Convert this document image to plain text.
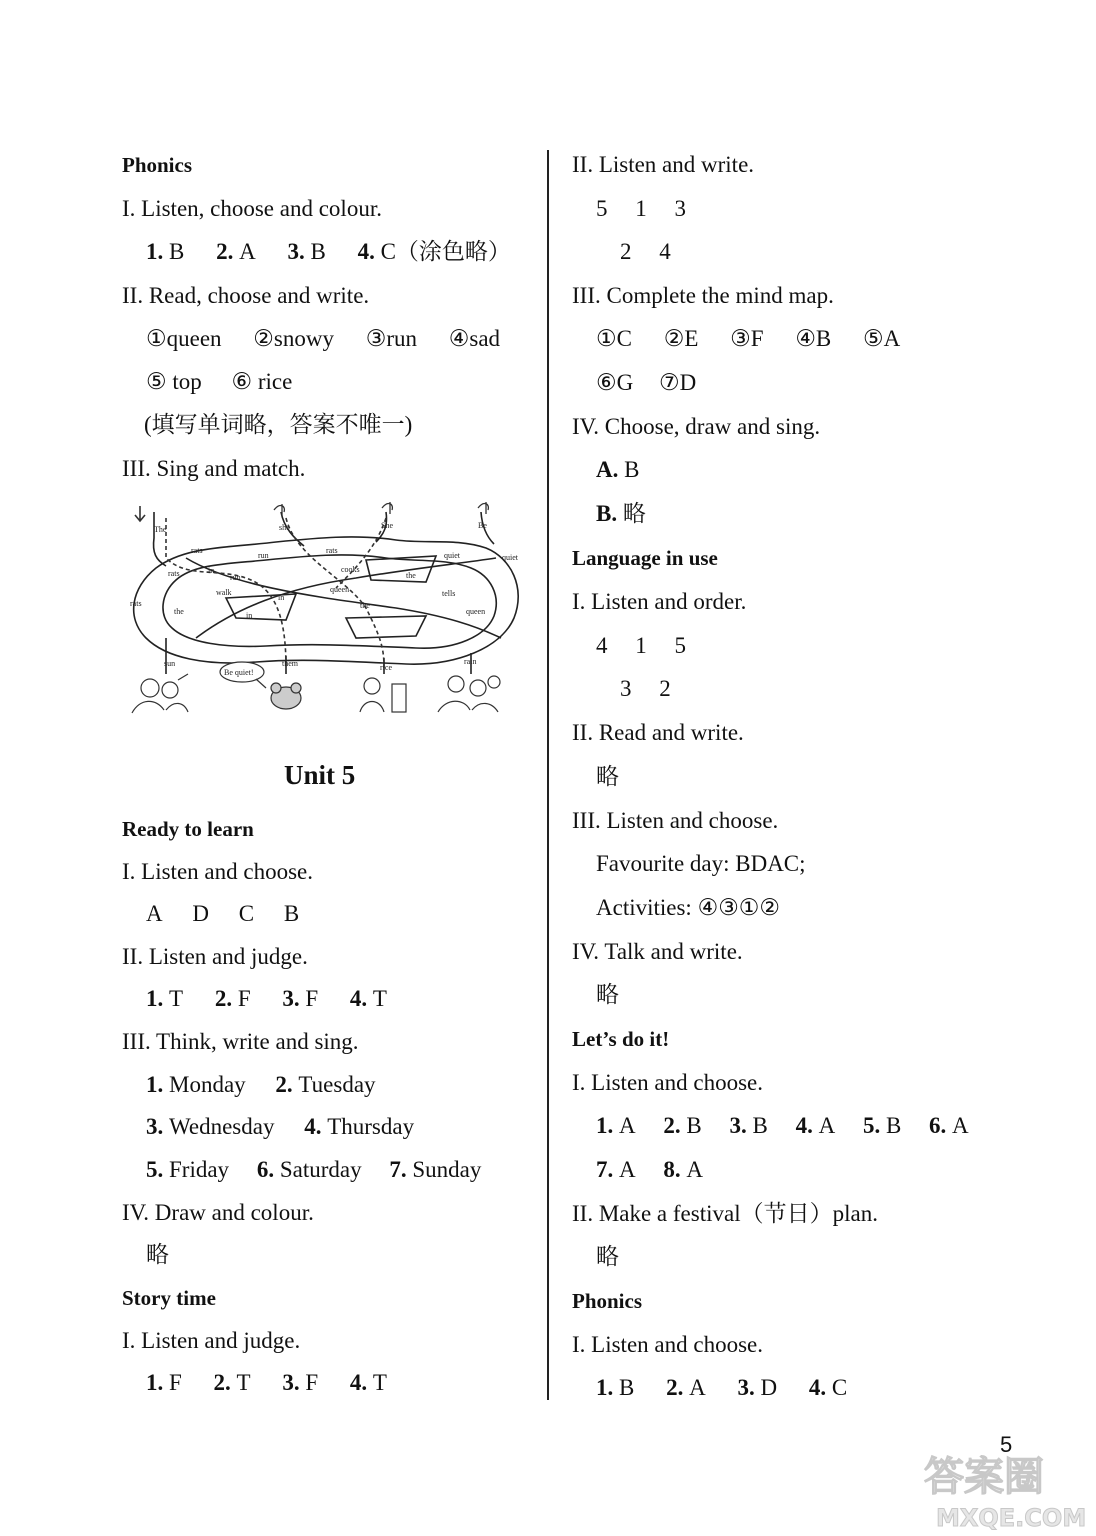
Phonics
I. Listen, choose and colour.
1. B 2. A 3. B 4. C（涂色略）
II. Read, choose and write.
①queen ②snowy ③run ④sad
⑤ top ⑥ rice
(填写单词略，答案不唯一)
III. Sing and match.
Unit 5
Ready to learn
I. Listen and choose.
A D C B
II. Listen and judge.
1. T 2. F 3. F 4. T
III. Think, write and sing.
1. Monday 2. Tuesday
3. Wednesday 4. Thursday
5. Friday 6. Saturday 7. Sunday
IV. Draw and colour.
略
Story time
I. Listen and judge.
1. F 2. T 3. F 4. T
The	she	She	Be
rats
rats
rats
rats
run
run
in
in
in
cooks
quiet	quiet
the
the
the
walk	queen	tells
queen
sun	them	rice
rain
Be quiet!
II. Listen and write.
5 1 3
2 4
III. Complete the mind map.
①C ②E ③F ④B ⑤A
⑥G ⑦D
IV. Choose, draw and sing.
A. B
B. 略
Language in use
I. Listen and order.
4 1 5
3 2
II. Read and write.
略
III. Listen and choose.
Favourite day: BDAC;
Activities: ④③①②
IV. Talk and write.
略
Let’s do it!
I. Listen and choose.
1. A 2. B 3. B 4. A 5. B 6. A
7. A 8. A
II. Make a festival（节日）plan.
略
Phonics
I. Listen and choose.
1. B 2. A 3. D 4. C
5
答案圈
MXQE.COM
